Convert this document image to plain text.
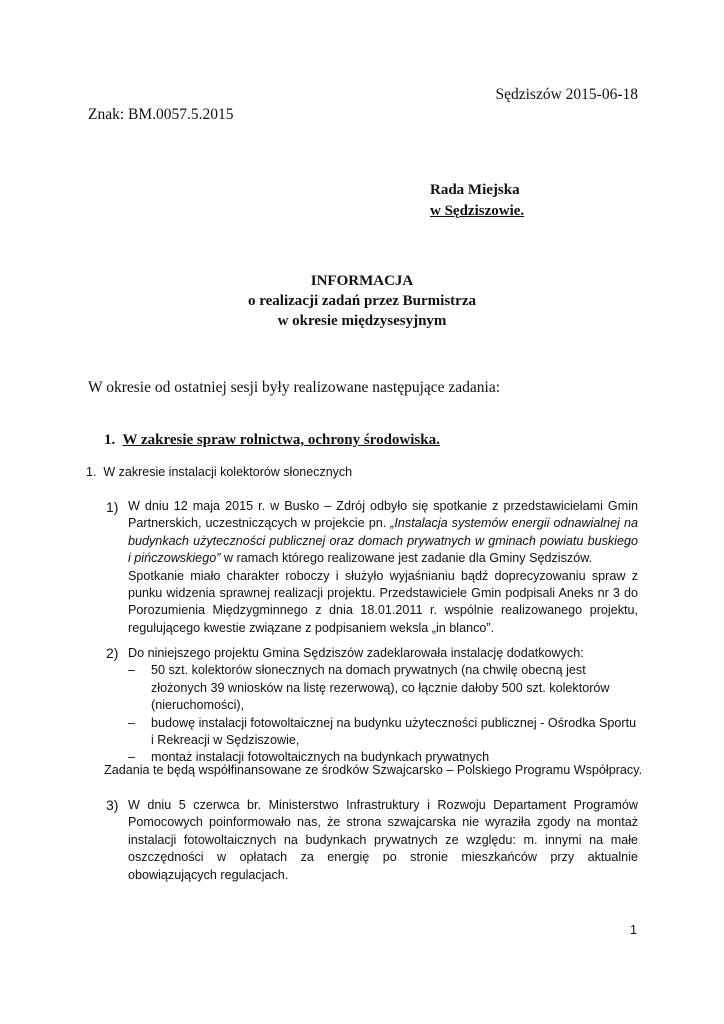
Sędziszów 2015-06-18
Znak: BM.0057.5.2015
Rada Miejska
w Sędziszowie.
INFORMACJA
o realizacji zadań przez Burmistrza
w okresie międzysesyjnym
W okresie od ostatniej sesji były realizowane następujące zadania:
1. W zakresie spraw rolnictwa, ochrony środowiska.
1. W zakresie instalacji kolektorów słonecznych
1) W dniu 12 maja 2015 r. w Busko – Zdrój odbyło się spotkanie z przedstawicielami Gmin Partnerskich, uczestniczących w projekcie pn. „Instalacja systemów energii odnawialnej na budynkach użyteczności publicznej oraz domach prywatnych w gminach powiatu buskiego i pińczowskiego” w ramach którego realizowane jest zadanie dla Gminy Sędziszów.

Spotkanie miało charakter roboczy i służyło wyjaśnianiu bądź doprecyzowaniu spraw z punku widzenia sprawnej realizacji projektu. Przedstawiciele Gmin podpisali Aneks nr 3 do Porozumienia Międzygminnego z dnia 18.01.2011 r. wspólnie realizowanego projektu, regulującego kwestie związane z podpisaniem weksla „in blanco”.

2) Do niniejszego projektu Gmina Sędziszów zadeklarowała instalację dodatkowych:

– 50 szt. kolektorów słonecznych na domach prywatnych (na chwilę obecną jest złożonych 39 wniosków na listę rezerwową), co łącznie dałoby 500 szt. kolektorów (nieruchomości),
– budowę instalacji fotowoltaicznej na budynku użyteczności publicznej - Ośrodka Sportu i Rekreacji w Sędziszowie,
– montaż instalacji fotowoltaicznych na budynkach prywatnych
Zadania te będą współfinansowane ze środków Szwajcarsko – Polskiego Programu Współpracy.
3) W dniu 5 czerwca br. Ministerstwo Infrastruktury i Rozwoju Departament Programów Pomocowych poinformowało nas, że strona szwajcarska nie wyraziła zgody na montaż instalacji fotowoltaicznych na budynkach prywatnych ze względu: m. innymi na małe oszczędności w opłatach za energię po stronie mieszkańców przy aktualnie obowiązujących regulacjach.

1
